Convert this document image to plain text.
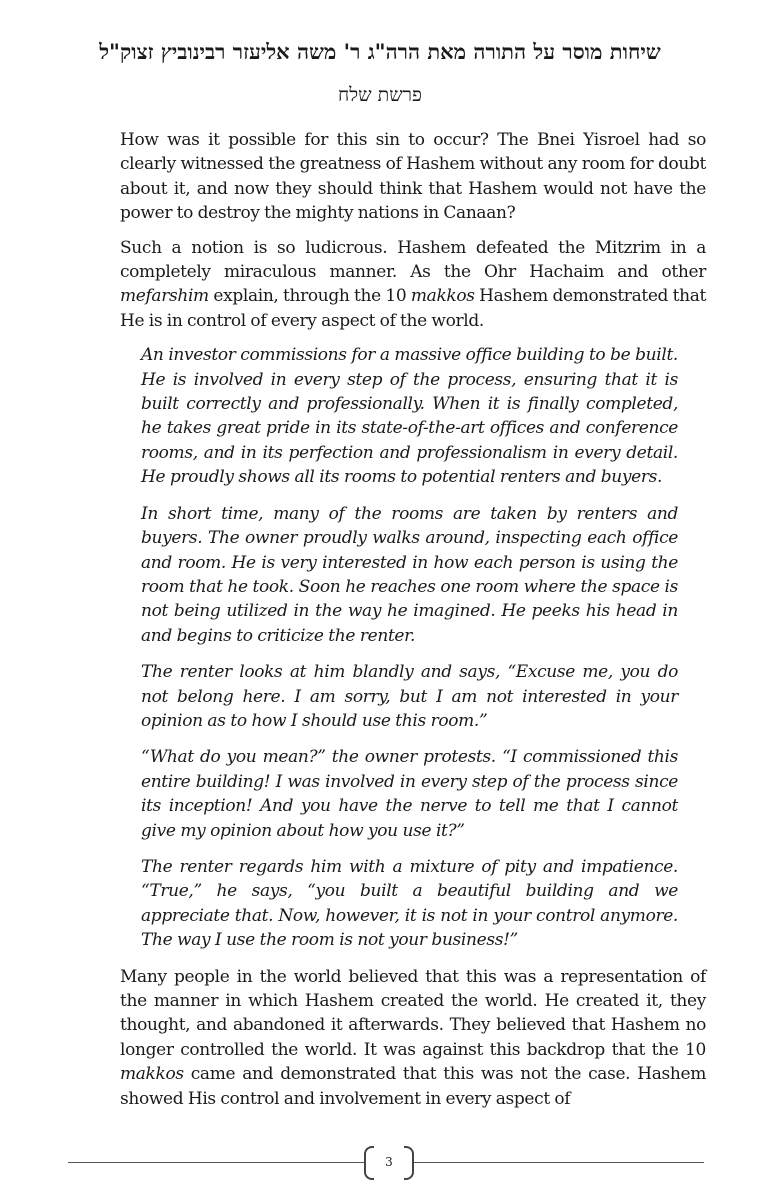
שיחות מוסר על התורה מאת הרה"ג ר' משה אליעזר רבינוביץ זצוק"ל
פרשת שלח

How was it possible for this sin to occur? The Bnei Yisroel had so clearly witnessed the greatness of Hashem without any room for doubt about it, and now they should think that Hashem would not have the power to destroy the mighty nations in Canaan?

Such a notion is so ludicrous. Hashem defeated the Mitzrim in a completely miraculous manner. As the Ohr Hachaim and other mefarshim explain, through the 10 makkos Hashem demonstrated that He is in control of every aspect of the world.

An investor commissions for a massive office building to be built. He is involved in every step of the process, ensuring that it is built correctly and professionally. When it is finally completed, he takes great pride in its state-of-the-art offices and conference rooms, and in its perfection and professionalism in every detail. He proudly shows all its rooms to potential renters and buyers.

In short time, many of the rooms are taken by renters and buyers. The owner proudly walks around, inspecting each office and room. He is very interested in how each person is using the room that he took. Soon he reaches one room where the space is not being utilized in the way he imagined. He peeks his head in and begins to criticize the renter.

The renter looks at him blandly and says, “Excuse me, you do not belong here. I am sorry, but I am not interested in your opinion as to how I should use this room.”

“What do you mean?” the owner protests. “I commissioned this entire building! I was involved in every step of the process since its inception! And you have the nerve to tell me that I cannot give my opinion about how you use it?”

The renter regards him with a mixture of pity and impatience. “True,” he says, “you built a beautiful building and we appreciate that. Now, however, it is not in your control anymore. The way I use the room is not your business!”

Many people in the world believed that this was a representation of the manner in which Hashem created the world. He created it, they thought, and abandoned it afterwards. They believed that Hashem no longer controlled the world. It was against this backdrop that the 10 makkos came and demonstrated that this was not the case. Hashem showed His control and involvement in every aspect of

3
